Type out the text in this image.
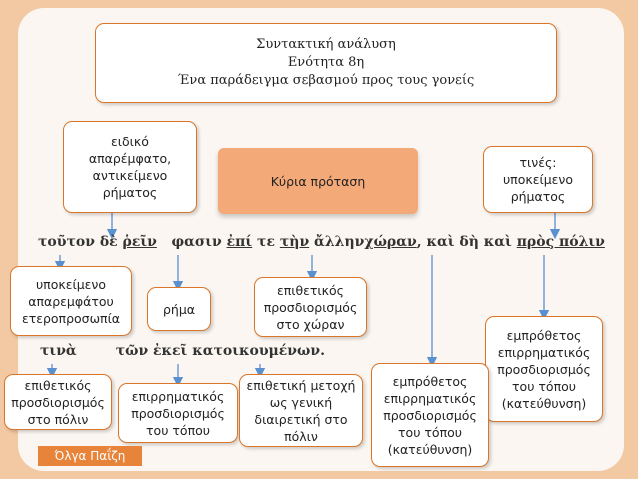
Συντακτική ανάλυση
Ενότητα 8η
Ένα παράδειγμα σεβασμού προς τους γονείς
ειδικό
απαρέμφατο,
αντικείμενο
ρήματος
Κύρια πρόταση
τινές:
υποκείμενο
ρήματος
τοῦτον δὲ ῥεῖν φασιν ἐπί τε τὴν ἄλληνχώραν, καὶ δὴ καὶ πρὸς πόλιν
υποκείμενο
απαρεμφάτου
ετεροπροσωπία
ρήμα
επιθετικός
προσδιορισμός
στο χώραν
εμπρόθετος
επιρρηματικός
προσδιορισμός
του τόπου
(κατεύθυνση)
τινὰ	τῶν ἐκεῖ κατοικουμένων.
επιθετικός
προσδιορισμός
στο πόλιν
επιρρηματικός
προσδιορισμός
του τόπου
επιθετική μετοχή
ως γενική
διαιρετική στο
πόλιν
εμπρόθετος
επιρρηματικός
προσδιορισμός
του τόπου
(κατεύθυνση)
Όλγα Παΐζη
